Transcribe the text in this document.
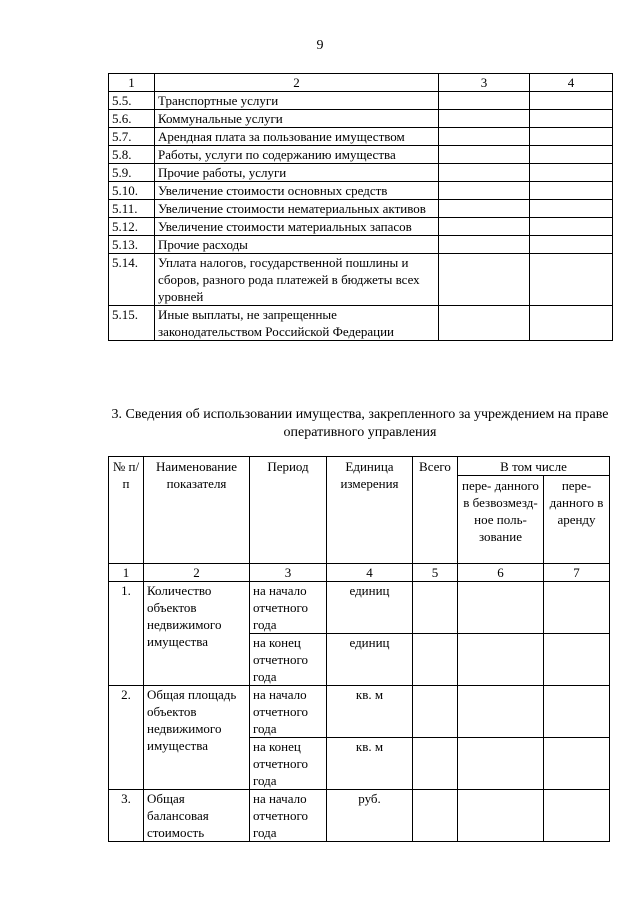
9
1	2	3	4
5.5.	Транспортные услуги		
5.6.	Коммунальные услуги		
5.7.	Арендная плата за пользование имуществом		
5.8.	Работы, услуги по содержанию имущества		
5.9.	Прочие работы, услуги		
5.10.	Увеличение стоимости основных средств		
5.11.	Увеличение стоимости нематериальных активов		
5.12.	Увеличение стоимости материальных запасов		
5.13.	Прочие расходы		
5.14.	Уплата налогов, государственной пошлины и сборов, разного рода платежей в бюджеты всех уровней		
5.15.	Иные выплаты, не запрещенные законодательством Российской Федерации		
3. Сведения об использовании имущества, закрепленного за учреждением на праве оперативного управления
№ п/п	Наименование показателя	Период	Единица измерения	Всего	В том числе	
					пере- данного в безвозмезд- ное поль- зование	пере- данного в аренду
1	2	3	4	5	6	7
1.	Количество объектов недвижимого имущества	на начало отчетного года	единиц			
		на конец отчетного года	единиц			
2.	Общая площадь объектов недвижимого имущества	на начало отчетного года	кв. м			
		на конец отчетного года	кв. м			
3.	Общая балансовая стоимость	на начало отчетного года	руб.			
